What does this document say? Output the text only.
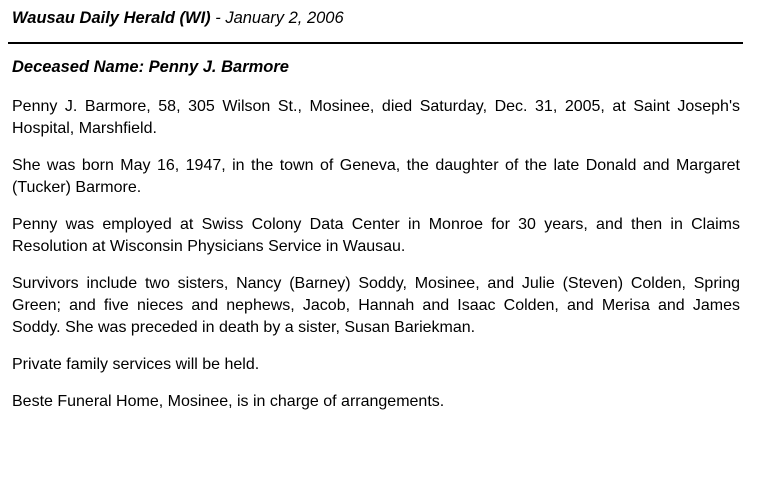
Wausau Daily Herald (WI) - January 2, 2006
Deceased Name: Penny J. Barmore

Penny J. Barmore, 58, 305 Wilson St., Mosinee, died Saturday, Dec. 31, 2005, at Saint Joseph's Hospital, Marshfield.

She was born May 16, 1947, in the town of Geneva, the daughter of the late Donald and Margaret (Tucker) Barmore.

Penny was employed at Swiss Colony Data Center in Monroe for 30 years, and then in Claims Resolution at Wisconsin Physicians Service in Wausau.

Survivors include two sisters, Nancy (Barney) Soddy, Mosinee, and Julie (Steven) Colden, Spring Green; and five nieces and nephews, Jacob, Hannah and Isaac Colden, and Merisa and James Soddy. She was preceded in death by a sister, Susan Bariekman.

Private family services will be held.

Beste Funeral Home, Mosinee, is in charge of arrangements.
